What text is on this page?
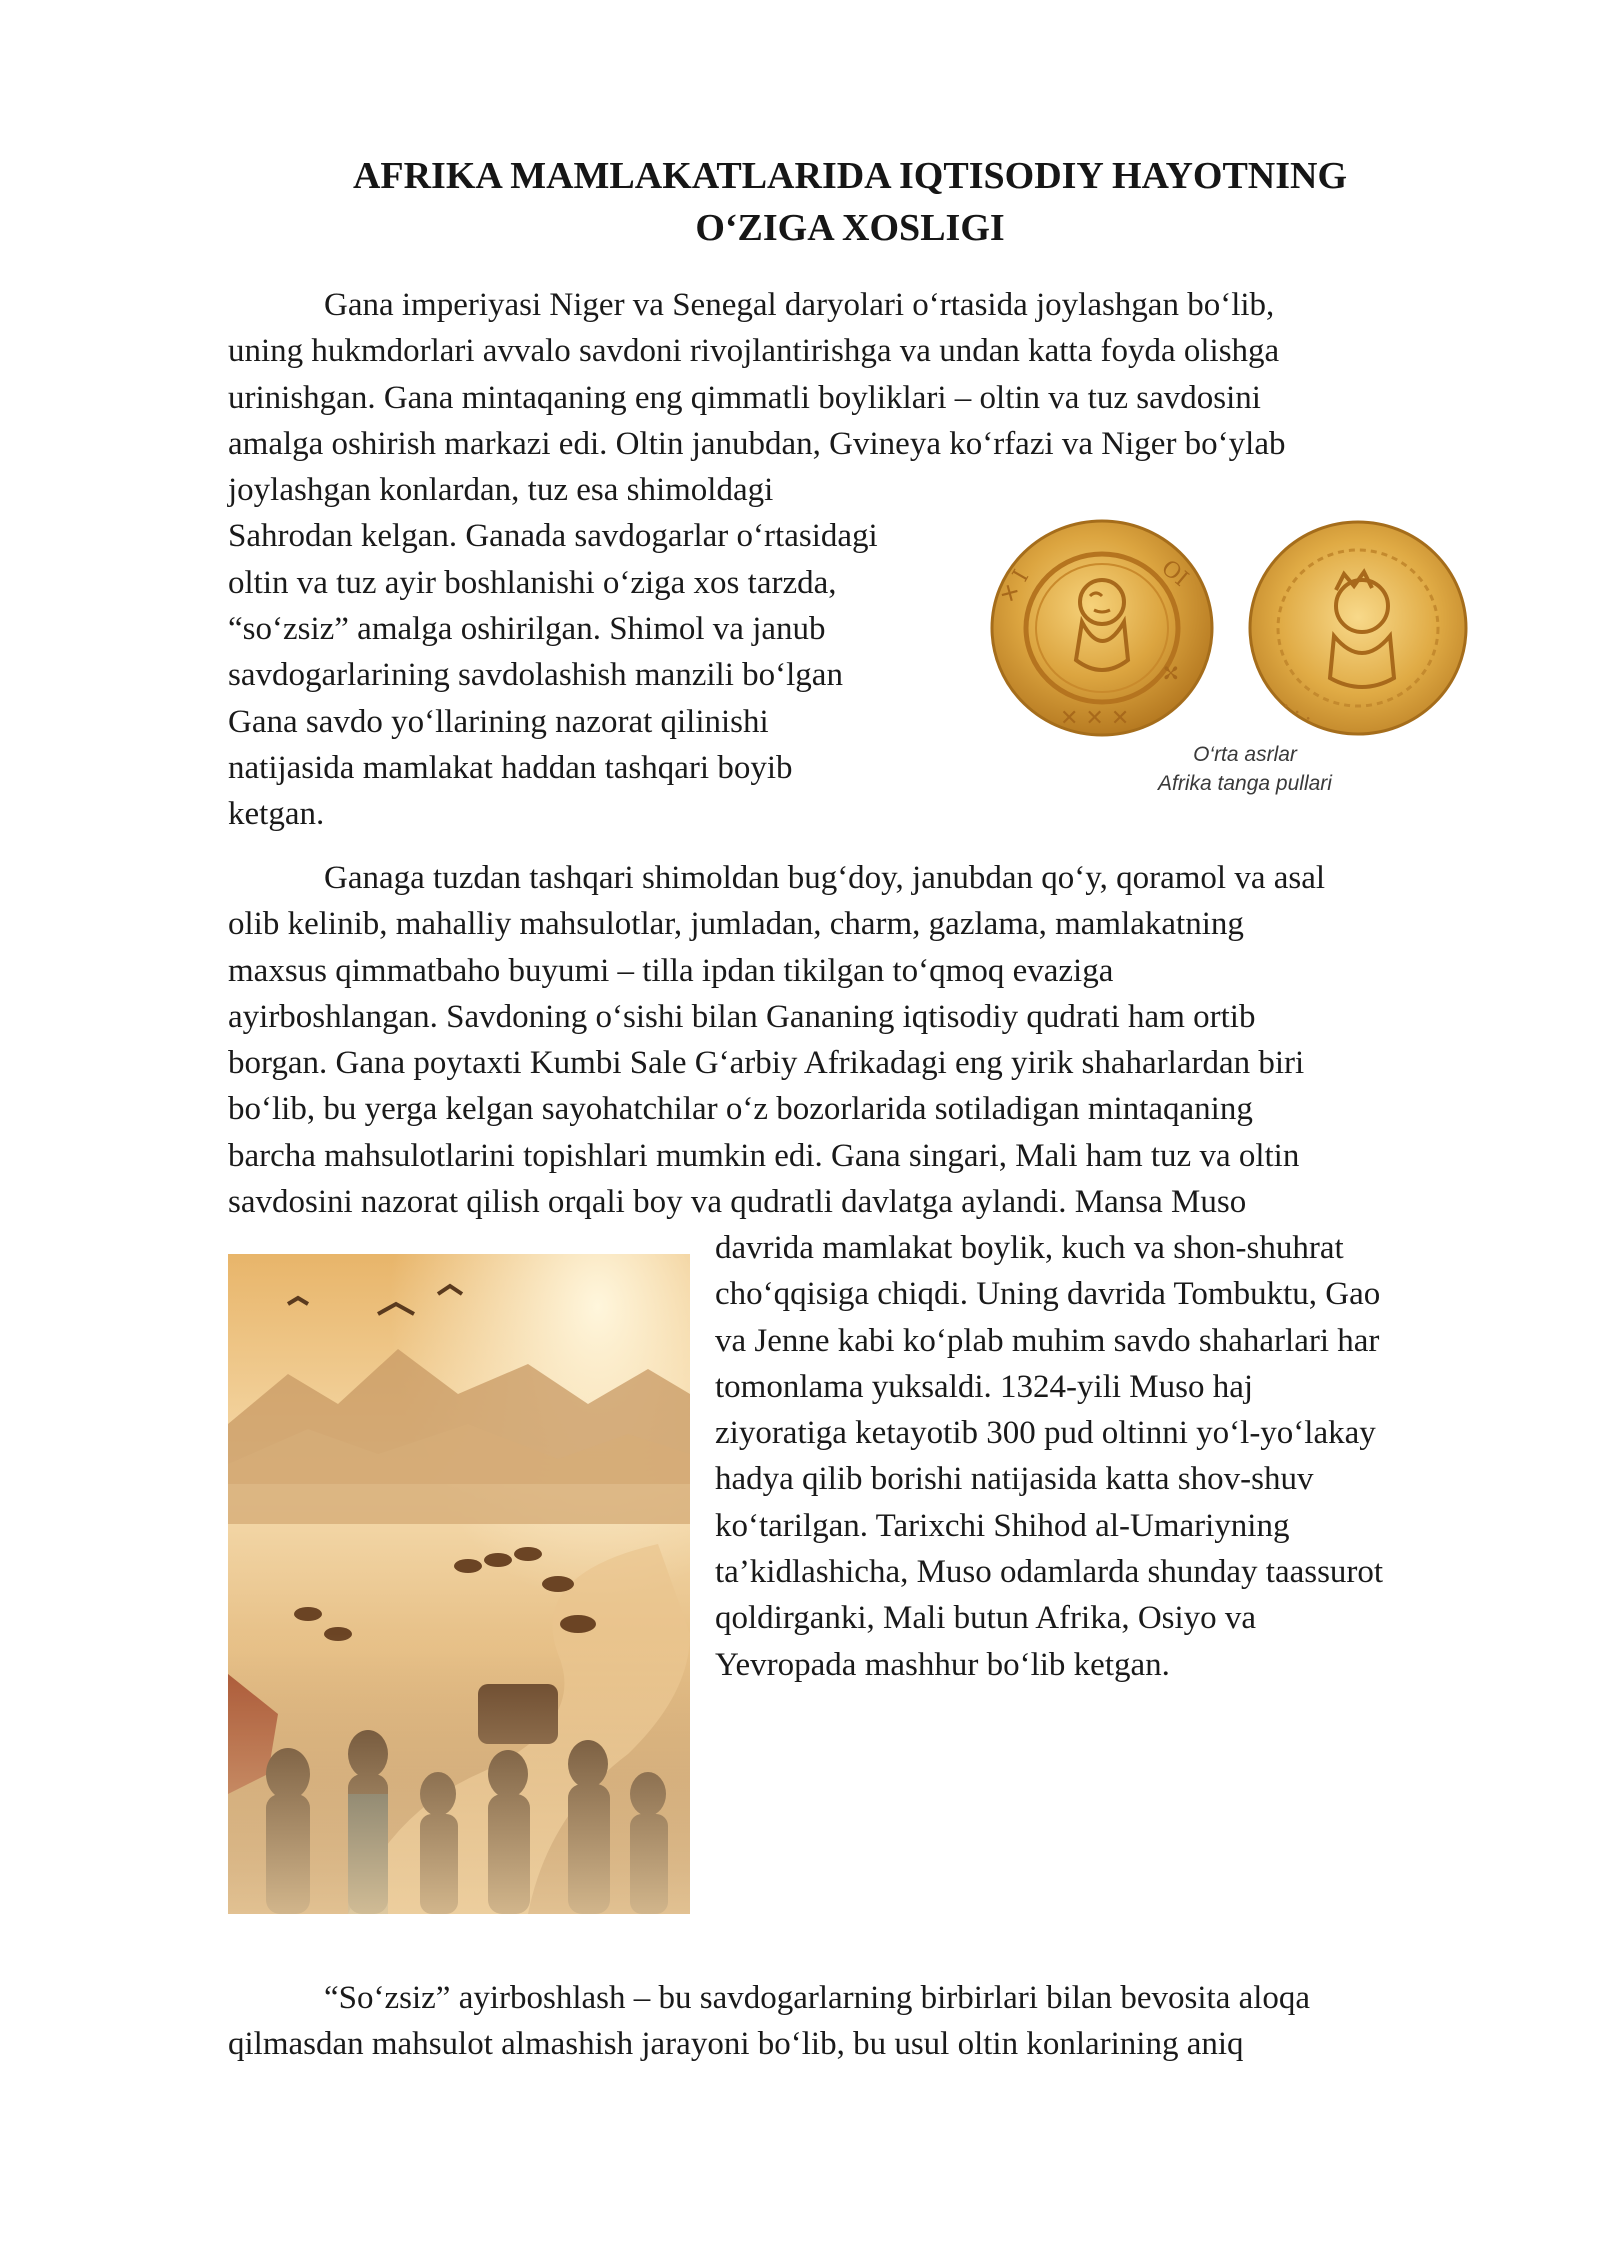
AFRIKA MAMLAKATLARIDA IQTISODIY HAYOTNING
O‘ZIGA XOSLIGI
Gana imperiyasi Niger va Senegal daryolari o‘rtasida joylashgan bo‘lib,
uning hukmdorlari avvalo savdoni rivojlantirishga va undan katta foyda olishga
urinishgan. Gana mintaqaning eng qimmatli boyliklari – oltin va tuz savdosini
amalga oshirish markazi edi. Oltin janubdan, Gvineya ko‘rfazi va Niger bo‘ylab
joylashgan konlardan, tuz esa shimoldagi
Sahrodan kelgan. Ganada savdogarlar o‘rtasidagi
oltin va tuz ayir boshlanishi o‘ziga xos tarzda,
“so‘zsiz” amalga oshirilgan. Shimol va janub
savdogarlarining savdolashish manzili bo‘lgan
Gana savdo yo‘llarining nazorat qilinishi
natijasida mamlakat haddan tashqari boyib
ketgan.
✕ I	OI
✢
✕ ✕ ✕	· · ·
O‘rta asrlar
Afrika tanga pullari
Ganaga tuzdan tashqari shimoldan bug‘doy, janubdan qo‘y, qoramol va asal
olib kelinib, mahalliy mahsulotlar, jumladan, charm, gazlama, mamlakatning
maxsus qimmatbaho buyumi – tilla ipdan tikilgan to‘qmoq evaziga
ayirboshlangan. Savdoning o‘sishi bilan Gananing iqtisodiy qudrati ham ortib
borgan. Gana poytaxti Kumbi Sale G‘arbiy Afrikadagi eng yirik shaharlardan biri
bo‘lib, bu yerga kelgan sayohatchilar o‘z bozorlarida sotiladigan mintaqaning
barcha mahsulotlarini topishlari mumkin edi. Gana singari, Mali ham tuz va oltin
savdosini nazorat qilish orqali boy va qudratli davlatga aylandi. Mansa Muso
davrida mamlakat boylik, kuch va shon-shuhrat
cho‘qqisiga chiqdi. Uning davrida Tombuktu, Gao
va Jenne kabi ko‘plab muhim savdo shaharlari har
tomonlama yuksaldi. 1324-yili Muso haj
ziyoratiga ketayotib 300 pud oltinni yo‘l-yo‘lakay
hadya qilib borishi natijasida katta shov-shuv
ko‘tarilgan. Tarixchi Shihod al-Umariyning
ta’kidlashicha, Muso odamlarda shunday taassurot
qoldirganki, Mali butun Afrika, Osiyo va
Yevropada mashhur bo‘lib ketgan.
“So‘zsiz” ayirboshlash – bu savdogarlarning birbirlari bilan bevosita aloqa
qilmasdan mahsulot almashish jarayoni bo‘lib, bu usul oltin konlarining aniq
